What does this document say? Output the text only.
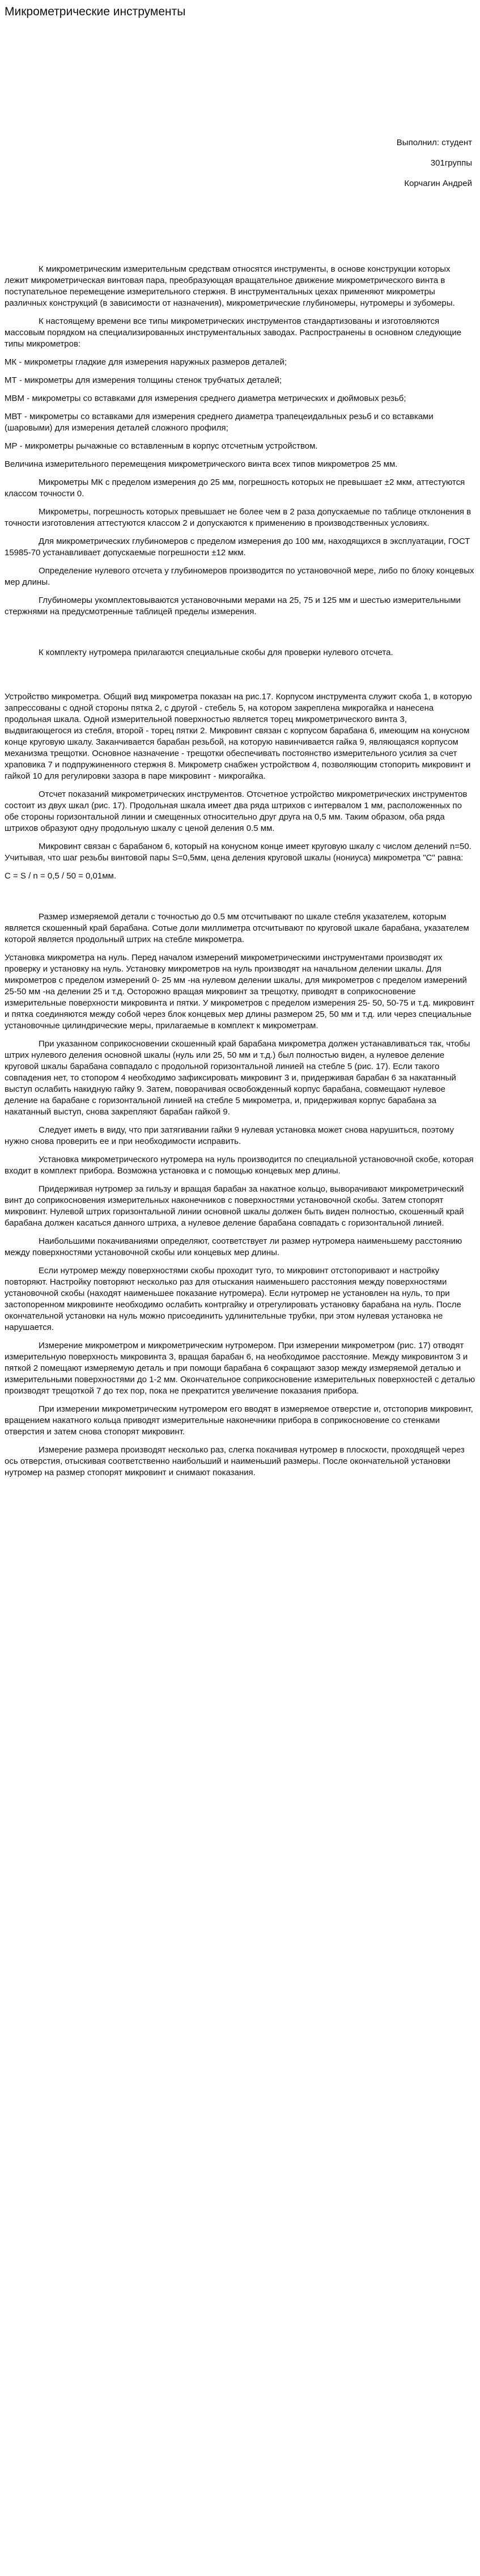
Микрометрические инструменты
Выполнил: студент
301группы
Корчагин Андрей

К микрометрическим измерительным средствам относятся инструменты, в основе конструкции которых лежит микрометрическая винтовая пара, преобразующая вращательное движение микрометрического винта в поступательное перемещение измерительного стержня. В инструментальных цехах применяют микрометры различных конструкций (в зависимости от назначения), микрометрические глубиномеры, нутромеры и зубомеры.

К настоящему времени все типы микрометрических инструментов стандартизованы и изготовляются массовым порядком на специализированных инструментальных заводах. Распространены в основном следующие типы микрометров:

МК - микрометры гладкие для измерения наружных размеров деталей;

МТ - микрометры для измерения толщины стенок трубчатых деталей;

МВМ - микрометры со вставками для измерения среднего диаметра метрических и дюймовых резьб;

МВТ - микрометры со вставками для измерения среднего диаметра трапецеидальных резьб и со вставками (шаровыми) для измерения деталей сложного профиля;

МР - микрометры рычажные со вставленным в корпус отсчетным устройством.

Величина измерительного перемещения микрометрического винта всех типов микрометров 25 мм.

Микрометры МК с пределом измерения до 25 мм, погрешность которых не превышает ±2 мкм, аттестуются классом точности 0.

Микрометры, погрешность которых превышает не более чем в 2 раза допускаемые по таблице отклонения в точности изготовления аттестуются классом 2 и допускаются к применению в производственных условиях.

Для микрометрических глубиномеров с пределом измерения до 100 мм, находящихся в эксплуатации, ГОСТ 15985-70 устанавливает допускаемые погрешности ±12 мкм.

Определение нулевого отсчета у глубиномеров производится по установочной мере, либо по блоку концевых мер длины.

Глубиномеры укомплектовываются установочными мерами на 25, 75 и 125 мм и шестью измерительными стержнями на предусмотренные таблицей пределы измерения.

К комплекту нутромера прилагаются специальные скобы для проверки нулевого отсчета.

Устройство микрометра. Общий вид микрометра показан на рис.17. Корпусом инструмента служит скоба 1, в которую запрессованы с одной стороны пятка 2, с другой - стебель 5, на котором закреплена микрогайка и нанесена продольная шкала. Одной измерительной поверхностью является торец микрометрического винта 3, выдвигающегося из стебля, второй - торец пятки 2. Микровинт связан с корпусом барабана 6, имеющим на конусном конце круговую шкалу. Заканчивается барабан резьбой, на которую навинчивается гайка 9, являющаяся корпусом механизма трещотки. Основное назначение - трещотки обеспечивать постоянство измерительного усилия за счет храповика 7 и подпружиненного стержня 8. Микрометр снабжен устройством 4, позволяющим стопорить микровинт и гайкой 10 для регулировки зазора в паре микровинт - микрогайка.

Отсчет показаний микрометрических инструментов. Отсчетное устройство микрометрических инструментов состоит из двух шкал (рис. 17). Продольная шкала имеет два ряда штрихов с интервалом 1 мм, расположенных по обе стороны горизонтальной линии и смещенных относительно друг друга на 0,5 мм. Таким образом, оба ряда штрихов образуют одну продольную шкалу с ценой деления 0.5 мм.

Микровинт связан с барабаном 6, который на конусном конце имеет круговую шкалу с числом делений n=50. Учитывая, что шаг резьбы винтовой пары S=0,5мм, цена деления круговой шкалы (нониуса) микрометра "С" равна:

С = S / n = 0,5 / 50 = 0,01мм.

Размер измеряемой детали с точностью до 0.5 мм отсчитывают по шкале стебля указателем, которым является скошенный край барабана. Сотые доли миллиметра отсчитывают по круговой шкале барабана, указателем которой является продольный штрих на стебле микрометра.

Установка микрометра на нуль. Перед началом измерений микрометрическими инструментами производят их проверку и установку на нуль. Установку микрометров на нуль производят на начальном делении шкалы. Для микрометров с пределом измерений 0- 25 мм -на нулевом делении шкалы, для микрометров с пределом измерений 25-50 мм -на делении 25 и т.д. Осторожно вращая микровинт за трещотку, приводят в соприкосновение измерительные поверхности микровинта и пятки. У микрометров с пределом измерения 25- 50, 50-75 и т.д. микровинт и пятка соединяются между собой через блок концевых мер длины размером 25, 50 мм и т.д. или через специальные установочные цилиндрические меры, прилагаемые в комплект к микрометрам.

При указанном соприкосновении скошенный край барабана микрометра должен устанавливаться так, чтобы штрих нулевого деления основной шкалы (нуль или 25, 50 мм и т.д.) был полностью виден, а нулевое деление круговой шкалы барабана совпадало с продольной горизонтальной линией на стебле 5 (рис. 17). Если такого совпадения нет, то стопором 4 необходимо зафиксировать микровинт 3 и, придерживая барабан 6 за накатанный выступ ослабить накидную гайку 9. Затем, поворачивая освобожденный корпус барабана, совмещают нулевое деление на барабане с горизонтальной линией на стебле 5 микрометра, и, придерживая корпус барабана за накатанный выступ, снова закрепляют барабан гайкой 9.

Следует иметь в виду, что при затягивании гайки 9 нулевая установка может снова нарушиться, поэтому нужно снова проверить ее и при необходимости исправить.

Установка микрометрического нутромера на нуль производится по специальной установочной скобе, которая входит в комплект прибора. Возможна установка и с помощью концевых мер длины.

Придерживая нутромер за гильзу и вращая барабан за накатное кольцо, выворачивают микрометрический винт до соприкосновения измерительных наконечников с поверхностями установочной скобы. Затем стопорят микровинт. Нулевой штрих горизонтальной линии основной шкалы должен быть виден полностью, скошенный край барабана должен касаться данного штриха, а нулевое деление барабана совпадать с горизонтальной линией.

Наибольшими покачиваниями определяют, соответствует ли размер нутромера наименьшему расстоянию между поверхностями установочной скобы или концевых мер длины.

Если нутромер между поверхностями скобы проходит туго, то микровинт отстопоривают и настройку повторяют. Настройку повторяют несколько раз для отыскания наименьшего расстояния между поверхностями установочной скобы (находят наименьшее показание нутромера). Если нутромер не установлен на нуль, то при застопоренном микровинте необходимо ослабить контргайку и отрегулировать установку барабана на нуль. После окончательной установки на нуль можно присоединить удлинительные трубки, при этом нулевая установка не нарушается.

Измерение микрометром и микрометрическим нутромером. При измерении микрометром (рис. 17) отводят измерительную поверхность микровинта 3, вращая барабан 6, на необходимое расстояние. Между микровинтом 3 и пяткой 2 помещают измеряемую деталь и при помощи барабана 6 сокращают зазор между измеряемой деталью и измерительными поверхностями до 1-2 мм. Окончательное соприкосновение измерительных поверхностей с деталью производят трещоткой 7 до тех пор, пока не прекратится увеличение показания прибора.

При измерении микрометрическим нутромером его вводят в измеряемое отверстие и, отстопорив микровинт, вращением накатного кольца приводят измерительные наконечники прибора в соприкосновение со стенками отверстия и затем снова стопорят микровинт.

Измерение размера производят несколько раз, слегка покачивая нутромер в плоскости, проходящей через ось отверстия, отыскивая соответственно наибольший и наименьший размеры. После окончательной установки нутромер на размер стопорят микровинт и снимают показания.
